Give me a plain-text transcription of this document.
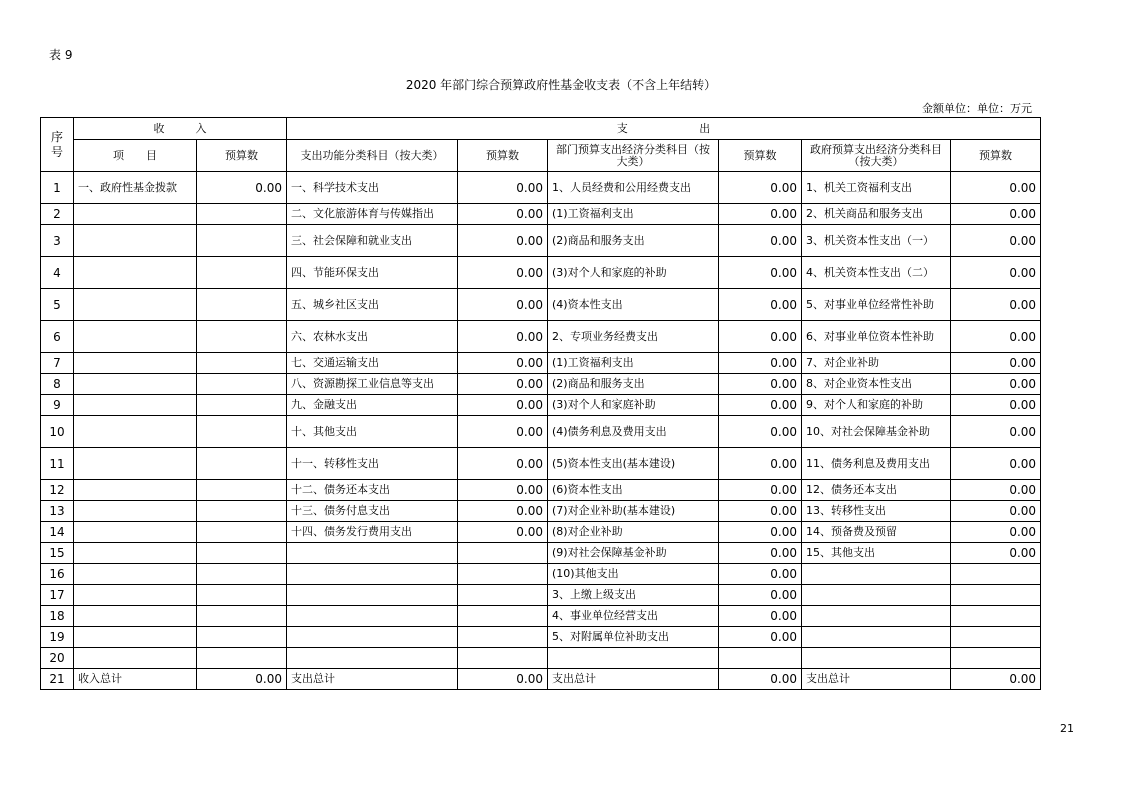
表 9
2020 年部门综合预算政府性基金收支表（不含上年结转）
金额单位：单位：万元
序号	收 入		支 出					

	项　　目	预算数	支出功能分类科目（按大类）	预算数	部门预算支出经济分类科目（按大类）	预算数	政府预算支出经济分类科目（按大类）	预算数
1	一、政府性基金拨款	0.00	一、科学技术支出	0.00	1、人员经费和公用经费支出	0.00	1、机关工资福利支出	0.00
2			二、文化旅游体育与传媒指出	0.00	(1)工资福利支出	0.00	2、机关商品和服务支出	0.00
3			三、社会保障和就业支出	0.00	(2)商品和服务支出	0.00	3、机关资本性支出（一）	0.00
4			四、节能环保支出	0.00	(3)对个人和家庭的补助	0.00	4、机关资本性支出（二）	0.00
5			五、城乡社区支出	0.00	(4)资本性支出	0.00	5、对事业单位经常性补助	0.00
6			六、农林水支出	0.00	2、专项业务经费支出	0.00	6、对事业单位资本性补助	0.00
7			七、交通运输支出	0.00	(1)工资福利支出	0.00	7、对企业补助	0.00
8			八、资源勘探工业信息等支出	0.00	(2)商品和服务支出	0.00	8、对企业资本性支出	0.00
9			九、金融支出	0.00	(3)对个人和家庭补助	0.00	9、对个人和家庭的补助	0.00
10			十、其他支出	0.00	(4)债务利息及费用支出	0.00	10、对社会保障基金补助	0.00
11			十一、转移性支出	0.00	(5)资本性支出(基本建设)	0.00	11、债务利息及费用支出	0.00
12			十二、债务还本支出	0.00	(6)资本性支出	0.00	12、债务还本支出	0.00
13			十三、债务付息支出	0.00	(7)对企业补助(基本建设)	0.00	13、转移性支出	0.00
14			十四、债务发行费用支出	0.00	(8)对企业补助	0.00	14、预备费及预留	0.00
15					(9)对社会保障基金补助	0.00	15、其他支出	0.00
16					(10)其他支出	0.00		
17					3、上缴上级支出	0.00		
18					4、事业单位经营支出	0.00		
19					5、对附属单位补助支出	0.00		
20								
21	收入总计	0.00	支出总计	0.00	支出总计	0.00	支出总计	0.00
21
